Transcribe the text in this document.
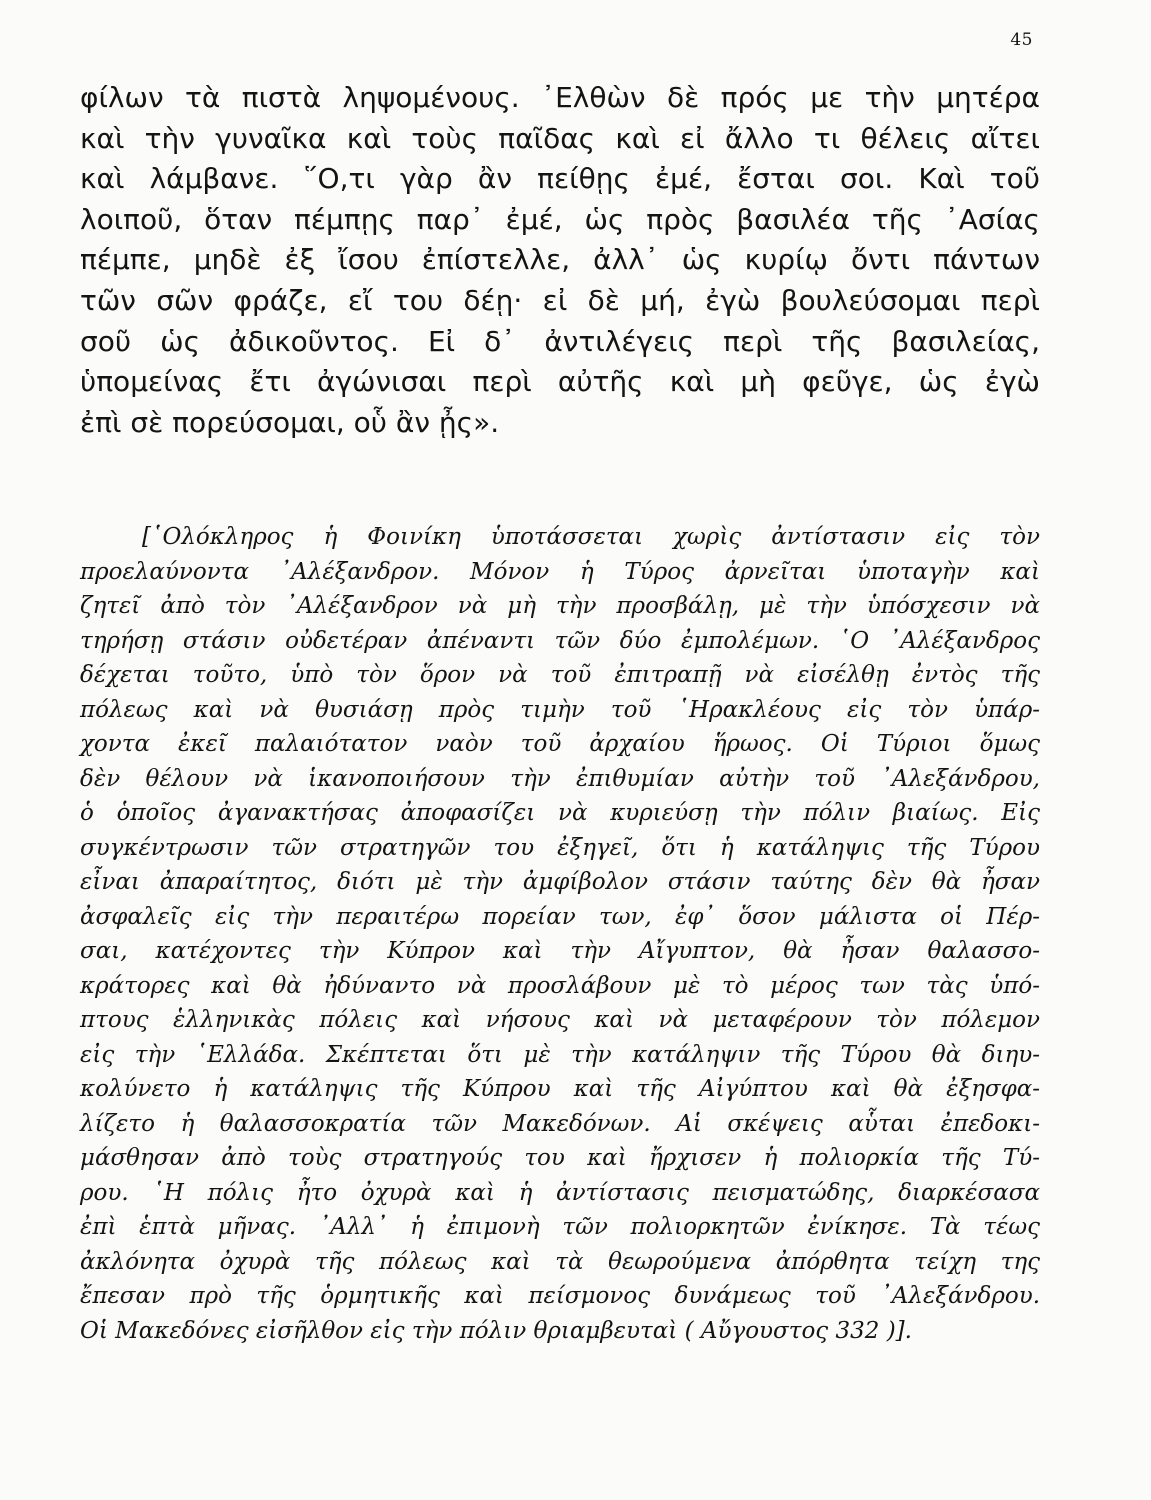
45
φίλων τὰ πιστὰ ληψομένους. ᾿Ελθὼν δὲ πρός με τὴν μητέρα
καὶ τὴν γυναῖκα καὶ τοὺς παῖδας καὶ εἰ ἄλλο τι θέλεις αἴτει
καὶ λάμβανε. ῞Ο,τι γὰρ ἂν πείθῃς ἐμέ, ἔσται σοι. Καὶ τοῦ
λοιποῦ, ὅταν πέμπῃς παρ᾿ ἐμέ, ὡς πρὸς βασιλέα τῆς ᾿Ασίας
πέμπε, μηδὲ ἐξ ἴσου ἐπίστελλε, ἀλλ᾿ ὡς κυρίῳ ὄντι πάντων
τῶν σῶν φράζε, εἴ του δέῃ· εἰ δὲ μή, ἐγὼ βουλεύσομαι περὶ
σοῦ ὡς ἀδικοῦντος. Εἰ δ᾿ ἀντιλέγεις περὶ τῆς βασιλείας,
ὑπομείνας ἔτι ἀγώνισαι περὶ αὐτῆς καὶ μὴ φεῦγε, ὡς ἐγὼ
ἐπὶ σὲ πορεύσομαι, οὗ ἂν ᾖς».
[῾Ολόκληρος ἡ Φοινίκη ὑποτάσσεται χωρὶς ἀντίστασιν εἰς τὸν
προελαύνοντα ᾿Αλέξανδρον. Μόνον ἡ Τύρος ἀρνεῖται ὑποταγὴν καὶ
ζητεῖ ἀπὸ τὸν ᾿Αλέξανδρον νὰ μὴ τὴν προσβάλῃ, μὲ τὴν ὑπόσχεσιν νὰ
τηρήσῃ στάσιν οὐδετέραν ἀπέναντι τῶν δύο ἐμπολέμων. ῾Ο ᾿Αλέξανδρος
δέχεται τοῦτο, ὑπὸ τὸν ὅρον νὰ τοῦ ἐπιτραπῇ νὰ εἰσέλθῃ ἐντὸς τῆς
πόλεως καὶ νὰ θυσιάσῃ πρὸς τιμὴν τοῦ ῾Ηρακλέους εἰς τὸν ὑπάρ-
χοντα ἐκεῖ παλαιότατον ναὸν τοῦ ἀρχαίου ἥρωος. Οἱ Τύριοι ὅμως
δὲν θέλουν νὰ ἱκανοποιήσουν τὴν ἐπιθυμίαν αὐτὴν τοῦ ᾿Αλεξάνδρου,
ὁ ὁποῖος ἀγανακτήσας ἀποφασίζει νὰ κυριεύσῃ τὴν πόλιν βιαίως. Εἰς
συγκέντρωσιν τῶν στρατηγῶν του ἐξηγεῖ, ὅτι ἡ κατάληψις τῆς Τύρου
εἶναι ἀπαραίτητος, διότι μὲ τὴν ἀμφίβολον στάσιν ταύτης δὲν θὰ ἦσαν
ἀσφαλεῖς εἰς τὴν περαιτέρω πορείαν των, ἐφ᾿ ὅσον μάλιστα οἱ Πέρ-
σαι, κατέχοντες τὴν Κύπρον καὶ τὴν Αἴγυπτον, θὰ ἦσαν θαλασσο-
κράτορες καὶ θὰ ἠδύναντο νὰ προσλάβουν μὲ τὸ μέρος των τὰς ὑπό-
πτους ἑλληνικὰς πόλεις καὶ νήσους καὶ νὰ μεταφέρουν τὸν πόλεμον
εἰς τὴν ῾Ελλάδα. Σκέπτεται ὅτι μὲ τὴν κατάληψιν τῆς Τύρου θὰ διηυ-
κολύνετο ἡ κατάληψις τῆς Κύπρου καὶ τῆς Αἰγύπτου καὶ θὰ ἐξησφα-
λίζετο ἡ θαλασσοκρατία τῶν Μακεδόνων. Αἱ σκέψεις αὗται ἐπεδοκι-
μάσθησαν ἀπὸ τοὺς στρατηγούς του καὶ ἤρχισεν ἡ πολιορκία τῆς Τύ-
ρου. ῾Η πόλις ἦτο ὀχυρὰ καὶ ἡ ἀντίστασις πεισματώδης, διαρκέσασα
ἐπὶ ἑπτὰ μῆνας. ᾿Αλλ᾿ ἡ ἐπιμονὴ τῶν πολιορκητῶν ἐνίκησε. Τὰ τέως
ἀκλόνητα ὀχυρὰ τῆς πόλεως καὶ τὰ θεωρούμενα ἀπόρθητα τείχη της
ἔπεσαν πρὸ τῆς ὁρμητικῆς καὶ πείσμονος δυνάμεως τοῦ ᾿Αλεξάνδρου.
Οἱ Μακεδόνες εἰσῆλθον εἰς τὴν πόλιν θριαμβευταὶ ( Αὔγουστος 332 )].
